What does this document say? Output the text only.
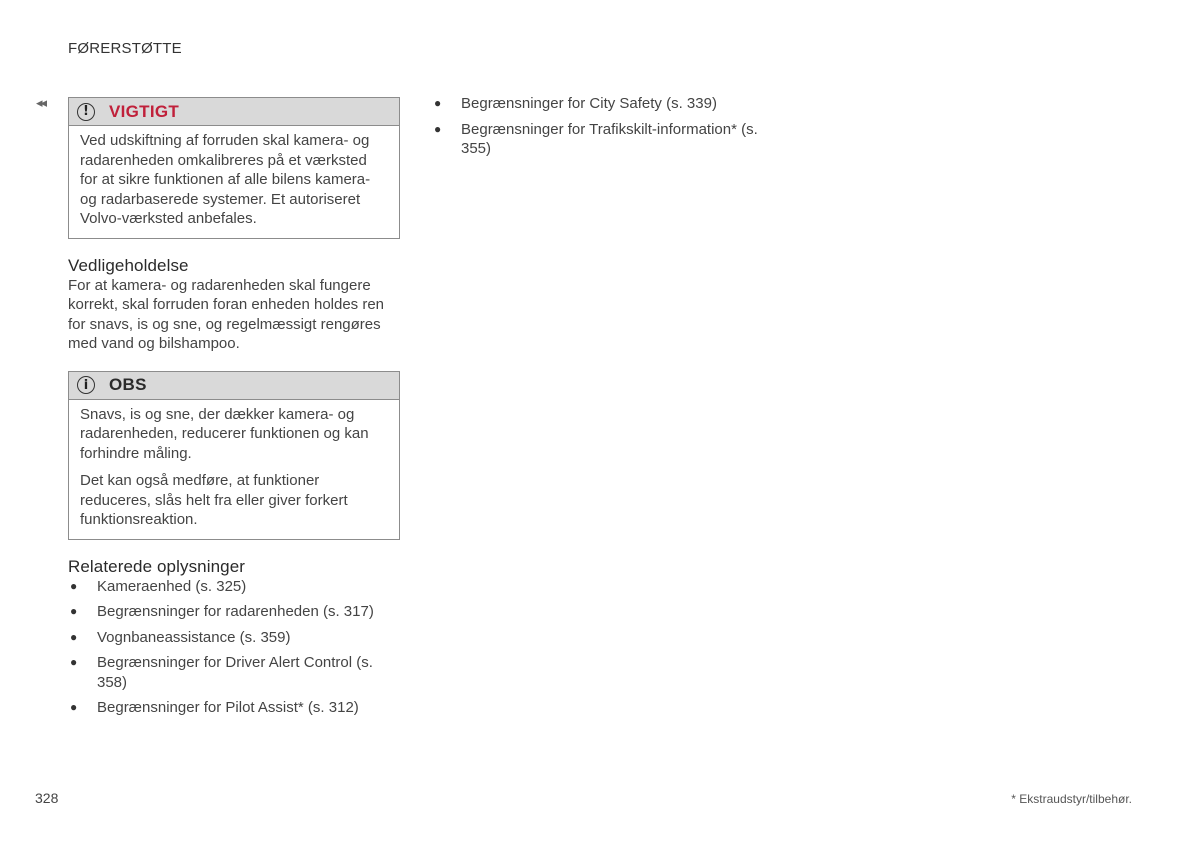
FØRERSTØTTE
◂◂
!	VIGTIGT

Ved udskiftning af forruden skal kamera- og radarenheden omkalibreres på et værksted for at sikre funktionen af alle bilens kamera- og radarbaserede systemer. Et autoriseret Volvo-værksted anbefales.

Vedligeholdelse

For at kamera- og radarenheden skal fungere korrekt, skal forruden foran enheden holdes ren for snavs, is og sne, og regelmæssigt rengøres med vand og bilshampoo.

i	OBS

Snavs, is og sne, der dækker kamera- og radarenheden, reducerer funktionen og kan forhindre måling.

Det kan også medføre, at funktioner reduceres, slås helt fra eller giver forkert funktionsreaktion.

Relaterede oplysninger
● Kameraenhed (s. 325)
● Begrænsninger for radarenheden (s. 317)
● Vognbaneassistance (s. 359)
● Begrænsninger for Driver Alert Control (s. 358)
● Begrænsninger for Pilot Assist* (s. 312)
● Begrænsninger for City Safety (s. 339)
● Begrænsninger for Trafikskilt-information* (s. 355)
328	* Ekstraudstyr/tilbehør.
